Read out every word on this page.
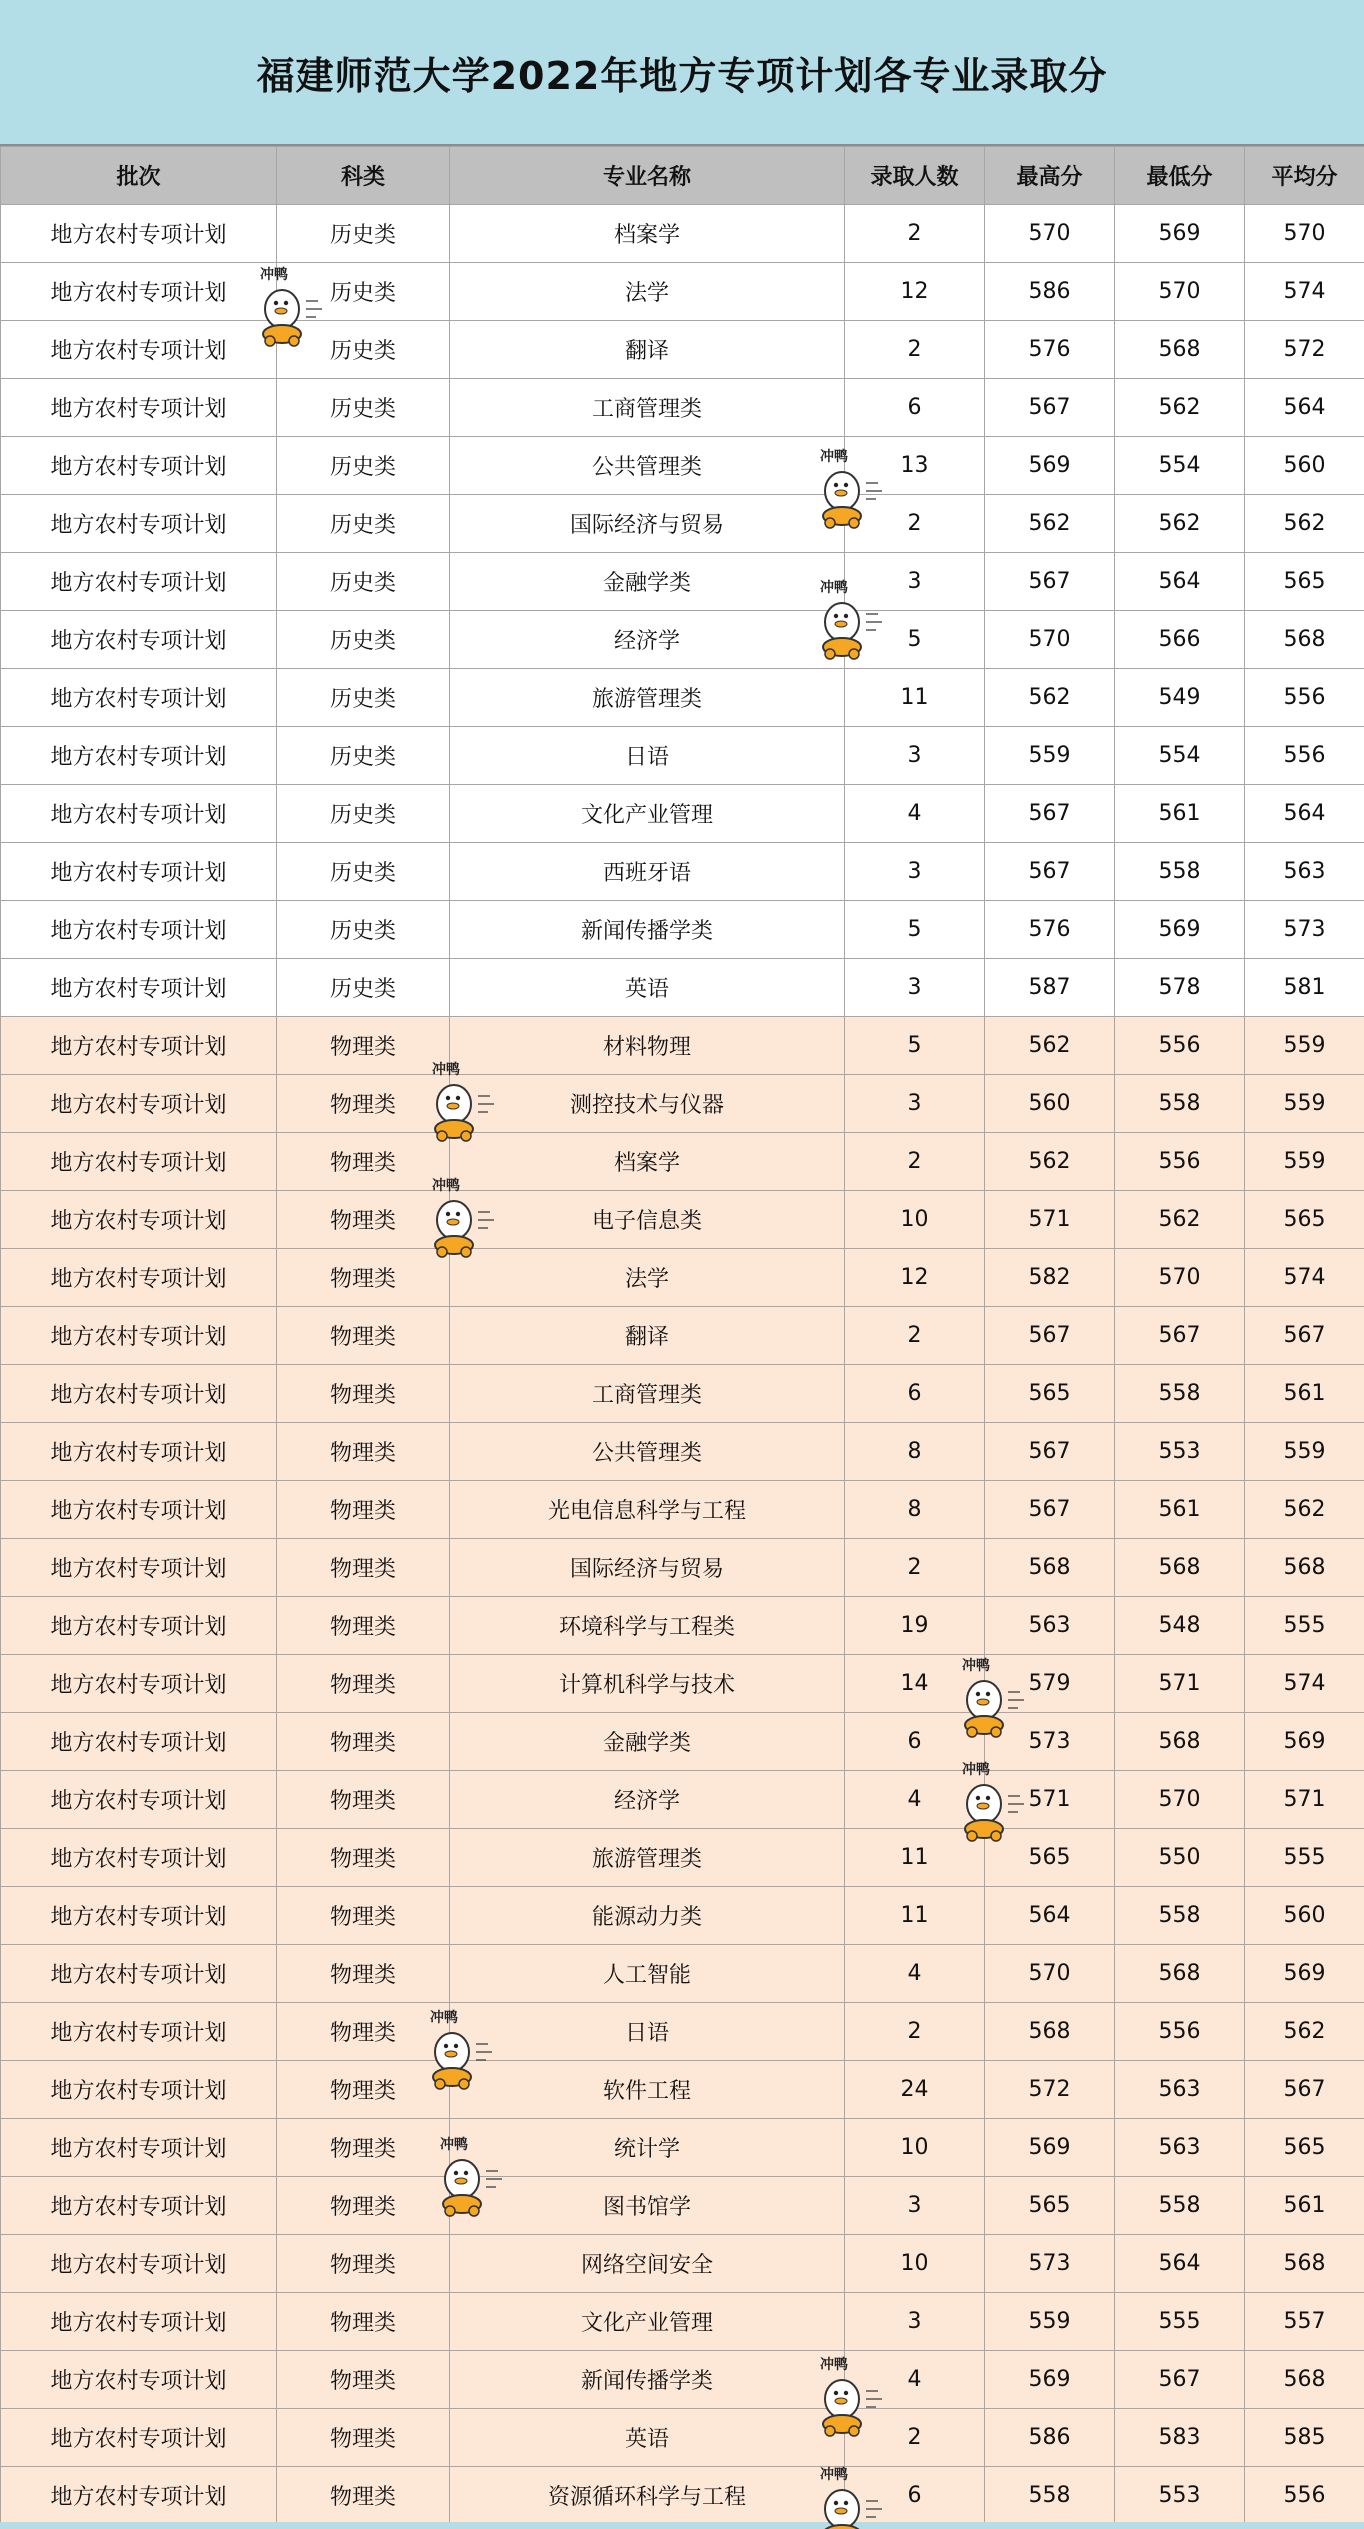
福建师范大学2022年地方专项计划各专业录取分
批次	科类	专业名称	录取人数	最高分	最低分	平均分
地方农村专项计划	历史类	档案学	2	570	569	570
地方农村专项计划	历史类	法学	12	586	570	574
地方农村专项计划	历史类	翻译	2	576	568	572
地方农村专项计划	历史类	工商管理类	6	567	562	564
地方农村专项计划	历史类	公共管理类	13	569	554	560
地方农村专项计划	历史类	国际经济与贸易	2	562	562	562
地方农村专项计划	历史类	金融学类	3	567	564	565
地方农村专项计划	历史类	经济学	5	570	566	568
地方农村专项计划	历史类	旅游管理类	11	562	549	556
地方农村专项计划	历史类	日语	3	559	554	556
地方农村专项计划	历史类	文化产业管理	4	567	561	564
地方农村专项计划	历史类	西班牙语	3	567	558	563
地方农村专项计划	历史类	新闻传播学类	5	576	569	573
地方农村专项计划	历史类	英语	3	587	578	581
地方农村专项计划	物理类	材料物理	5	562	556	559
地方农村专项计划	物理类	测控技术与仪器	3	560	558	559
地方农村专项计划	物理类	档案学	2	562	556	559
地方农村专项计划	物理类	电子信息类	10	571	562	565
地方农村专项计划	物理类	法学	12	582	570	574
地方农村专项计划	物理类	翻译	2	567	567	567
地方农村专项计划	物理类	工商管理类	6	565	558	561
地方农村专项计划	物理类	公共管理类	8	567	553	559
地方农村专项计划	物理类	光电信息科学与工程	8	567	561	562
地方农村专项计划	物理类	国际经济与贸易	2	568	568	568
地方农村专项计划	物理类	环境科学与工程类	19	563	548	555
地方农村专项计划	物理类	计算机科学与技术	14	579	571	574
地方农村专项计划	物理类	金融学类	6	573	568	569
地方农村专项计划	物理类	经济学	4	571	570	571
地方农村专项计划	物理类	旅游管理类	11	565	550	555
地方农村专项计划	物理类	能源动力类	11	564	558	560
地方农村专项计划	物理类	人工智能	4	570	568	569
地方农村专项计划	物理类	日语	2	568	556	562
地方农村专项计划	物理类	软件工程	24	572	563	567
地方农村专项计划	物理类	统计学	10	569	563	565
地方农村专项计划	物理类	图书馆学	3	565	558	561
地方农村专项计划	物理类	网络空间安全	10	573	564	568
地方农村专项计划	物理类	文化产业管理	3	559	555	557
地方农村专项计划	物理类	新闻传播学类	4	569	567	568
地方农村专项计划	物理类	英语	2	586	583	585
地方农村专项计划	物理类	资源循环科学与工程	6	558	553	556
冲鸭
冲鸭
冲鸭
冲鸭
冲鸭
冲鸭
冲鸭
冲鸭
冲鸭
冲鸭
冲鸭
